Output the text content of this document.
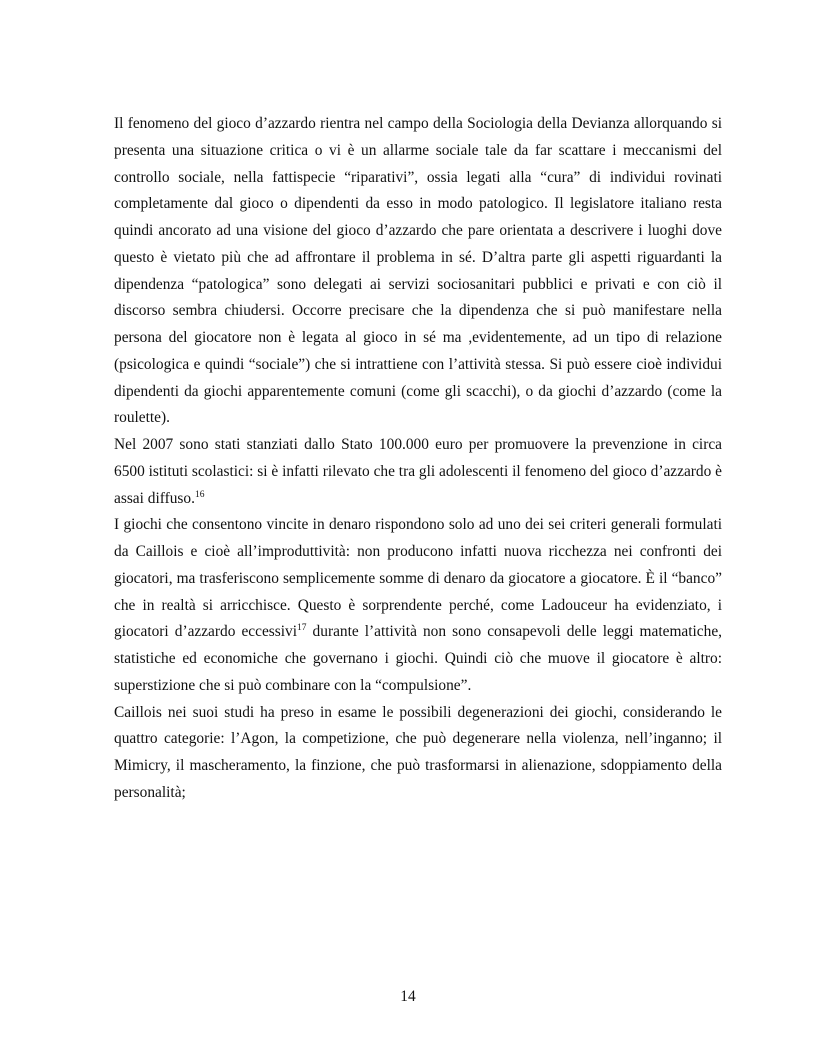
Il fenomeno del gioco d’azzardo rientra nel campo della Sociologia della Devianza allorquando si presenta una situazione critica o vi è un allarme sociale tale da far scattare i meccanismi del controllo sociale, nella fattispecie “riparativi”, ossia legati alla “cura” di individui rovinati completamente dal gioco o dipendenti da esso in modo patologico. Il legislatore italiano resta quindi ancorato ad una visione del gioco d’azzardo che pare orientata a descrivere i luoghi dove questo è vietato più che ad affrontare il problema in sé. D’altra parte gli aspetti riguardanti la dipendenza “patologica” sono delegati ai servizi sociosanitari pubblici e privati e con ciò il discorso sembra chiudersi. Occorre precisare che la dipendenza che si può manifestare nella persona del giocatore non è legata al gioco in sé ma ,evidentemente, ad un tipo di relazione (psicologica e quindi “sociale”) che si intrattiene con l’attività stessa. Si può essere cioè individui dipendenti da giochi apparentemente comuni (come gli scacchi), o da giochi d’azzardo (come la roulette).

Nel 2007 sono stati stanziati dallo Stato 100.000 euro per promuovere la prevenzione in circa 6500 istituti scolastici: si è infatti rilevato che tra gli adolescenti il fenomeno del gioco d’azzardo è assai diffuso.$^{16}$

I giochi che consentono vincite in denaro rispondono solo ad uno dei sei criteri generali formulati da Caillois e cioè all’improduttività: non producono infatti nuova ricchezza nei confronti dei giocatori, ma trasferiscono semplicemente somme di denaro da giocatore a giocatore. È il “banco” che in realtà si arricchisce. Questo è sorprendente perché, come Ladouceur ha evidenziato, i giocatori d’azzardo eccessivi$^{17}$ durante l’attività non sono consapevoli delle leggi matematiche, statistiche ed economiche che governano i giochi. Quindi ciò che muove il giocatore è altro: superstizione che si può combinare con la “compulsione”.

Caillois nei suoi studi ha preso in esame le possibili degenerazioni dei giochi, considerando le quattro categorie: l’Agon, la competizione, che può degenerare nella violenza, nell’inganno; il Mimicry, il mascheramento, la finzione, che può trasformarsi in alienazione, sdoppiamento della personalità;

14
